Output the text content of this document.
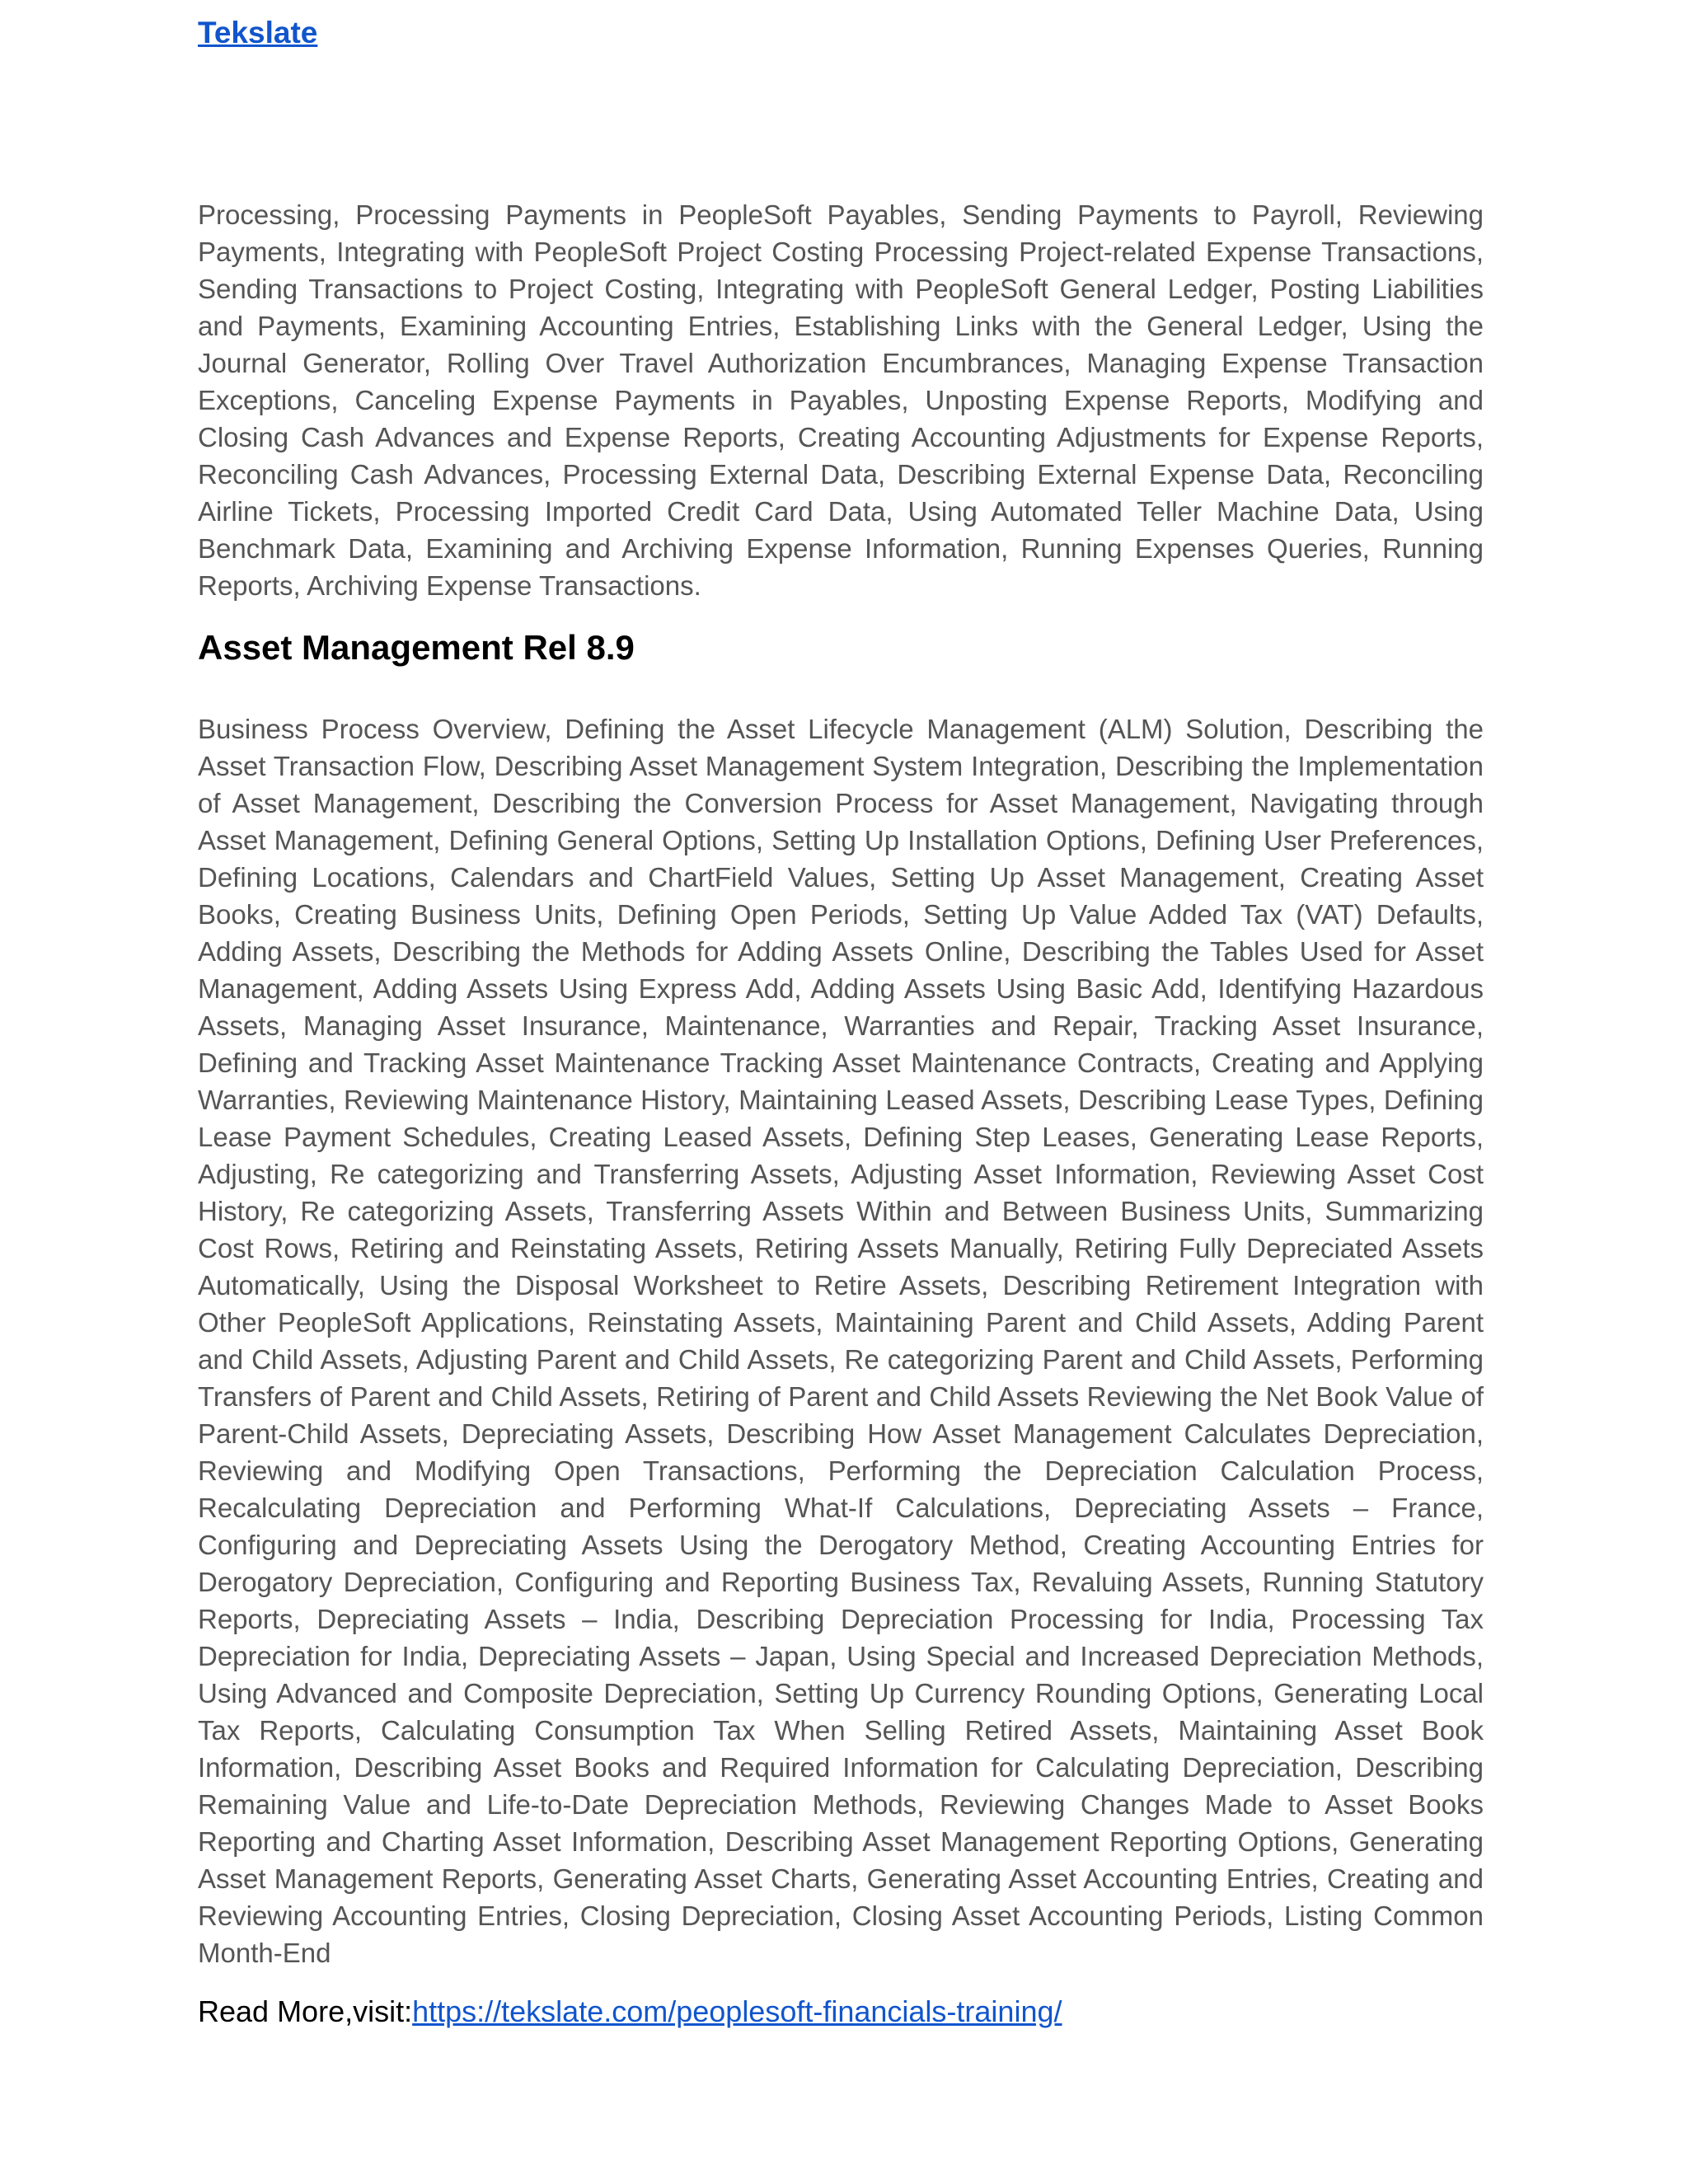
Tekslate

Processing, Processing Payments in PeopleSoft Payables, Sending Payments to Payroll, Reviewing Payments, Integrating with PeopleSoft Project Costing Processing Project-related Expense Transactions, Sending Transactions to Project Costing, Integrating with PeopleSoft General Ledger, Posting Liabilities and Payments, Examining Accounting Entries, Establishing Links with the General Ledger, Using the Journal Generator, Rolling Over Travel Authorization Encumbrances, Managing Expense Transaction Exceptions, Canceling Expense Payments in Payables, Unposting Expense Reports, Modifying and Closing Cash Advances and Expense Reports, Creating Accounting Adjustments for Expense Reports, Reconciling Cash Advances, Processing External Data, Describing External Expense Data, Reconciling Airline Tickets, Processing Imported Credit Card Data, Using Automated Teller Machine Data, Using Benchmark Data, Examining and Archiving Expense Information, Running Expenses Queries, Running Reports, Archiving Expense Transactions.

Asset Management Rel 8.9

Business Process Overview, Defining the Asset Lifecycle Management (ALM) Solution, Describing the Asset Transaction Flow, Describing Asset Management System Integration, Describing the Implementation of Asset Management, Describing the Conversion Process for Asset Management, Navigating through Asset Management, Defining General Options, Setting Up Installation Options, Defining User Preferences, Defining Locations, Calendars and ChartField Values, Setting Up Asset Management, Creating Asset Books, Creating Business Units, Defining Open Periods, Setting Up Value Added Tax (VAT) Defaults, Adding Assets, Describing the Methods for Adding Assets Online, Describing the Tables Used for Asset Management, Adding Assets Using Express Add, Adding Assets Using Basic Add, Identifying Hazardous Assets, Managing Asset Insurance, Maintenance, Warranties and Repair, Tracking Asset Insurance, Defining and Tracking Asset Maintenance Tracking Asset Maintenance Contracts, Creating and Applying Warranties, Reviewing Maintenance History, Maintaining Leased Assets, Describing Lease Types, Defining Lease Payment Schedules, Creating Leased Assets, Defining Step Leases, Generating Lease Reports, Adjusting, Re categorizing and Transferring Assets, Adjusting Asset Information, Reviewing Asset Cost History, Re categorizing Assets, Transferring Assets Within and Between Business Units, Summarizing Cost Rows, Retiring and Reinstating Assets, Retiring Assets Manually, Retiring Fully Depreciated Assets Automatically, Using the Disposal Worksheet to Retire Assets, Describing Retirement Integration with Other PeopleSoft Applications, Reinstating Assets, Maintaining Parent and Child Assets, Adding Parent and Child Assets, Adjusting Parent and Child Assets, Re categorizing Parent and Child Assets, Performing Transfers of Parent and Child Assets, Retiring of Parent and Child Assets Reviewing the Net Book Value of Parent-Child Assets, Depreciating Assets, Describing How Asset Management Calculates Depreciation, Reviewing and Modifying Open Transactions, Performing the Depreciation Calculation Process, Recalculating Depreciation and Performing What-If Calculations, Depreciating Assets – France, Configuring and Depreciating Assets Using the Derogatory Method, Creating Accounting Entries for Derogatory Depreciation, Configuring and Reporting Business Tax, Revaluing Assets, Running Statutory Reports, Depreciating Assets – India, Describing Depreciation Processing for India, Processing Tax Depreciation for India, Depreciating Assets – Japan, Using Special and Increased Depreciation Methods, Using Advanced and Composite Depreciation, Setting Up Currency Rounding Options, Generating Local Tax Reports, Calculating Consumption Tax When Selling Retired Assets, Maintaining Asset Book Information, Describing Asset Books and Required Information for Calculating Depreciation, Describing Remaining Value and Life-to-Date Depreciation Methods, Reviewing Changes Made to Asset Books Reporting and Charting Asset Information, Describing Asset Management Reporting Options, Generating Asset Management Reports, Generating Asset Charts, Generating Asset Accounting Entries, Creating and Reviewing Accounting Entries, Closing Depreciation, Closing Asset Accounting Periods, Listing Common Month-End

Read More,visit:https://tekslate.com/peoplesoft-financials-training/
